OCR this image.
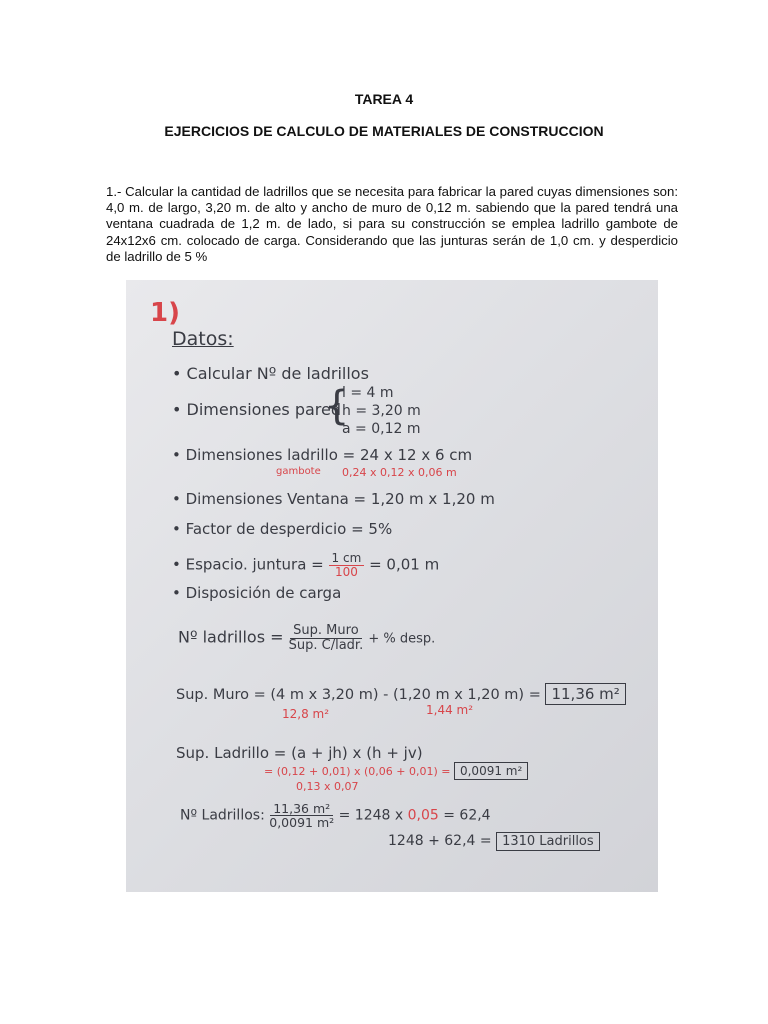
TAREA 4
EJERCICIOS DE CALCULO DE MATERIALES DE CONSTRUCCION
1.- Calcular la cantidad de ladrillos que se necesita para fabricar la pared cuyas dimensiones son: 4,0 m. de largo, 3,20 m. de alto y ancho de muro de 0,12 m. sabiendo que la pared tendrá una ventana cuadrada de 1,2 m. de lado, si para su construcción se emplea ladrillo gambote de 24x12x6 cm. colocado de carga. Considerando que las junturas serán de 1,0 cm. y desperdicio de ladrillo de 5 %
1)
Datos:
• Calcular Nº de ladrillos
• Dimensiones pared
{
l = 4 m
h = 3,20 m
a = 0,12 m
• Dimensiones ladrillo = 24 x 12 x 6 cm
gambote 0,24 x 0,12 x 0,06 m
• Dimensiones Ventana = 1,20 m x 1,20 m
• Factor de desperdicio = 5%
• Espacio. juntura = $\frac{1 cm}{100} = 0,01$ m
• Disposición de carga
Nº ladrillos = $\frac{\text{Sup. Muro}}{\text{Sup. C/ladr.}}$ + % desp.
Sup. Muro = (4 m x 3,20 m) - (1,20 m x 1,20 m) = 11,36 m²
12,8 m²	1,44 m²
Sup. Ladrillo = (a + jh) x (h + jv)
= (0,12 + 0,01) x (0,06 + 0,01) = 0,0091 m²
0,13 x 0,07
Nº Ladrillos: $\frac{\text{11,36 m²}}{\text{0,0091 m²}} = 1248$ x 0,05 = 62,4
1248 + 62,4 = 1310 Ladrillos
